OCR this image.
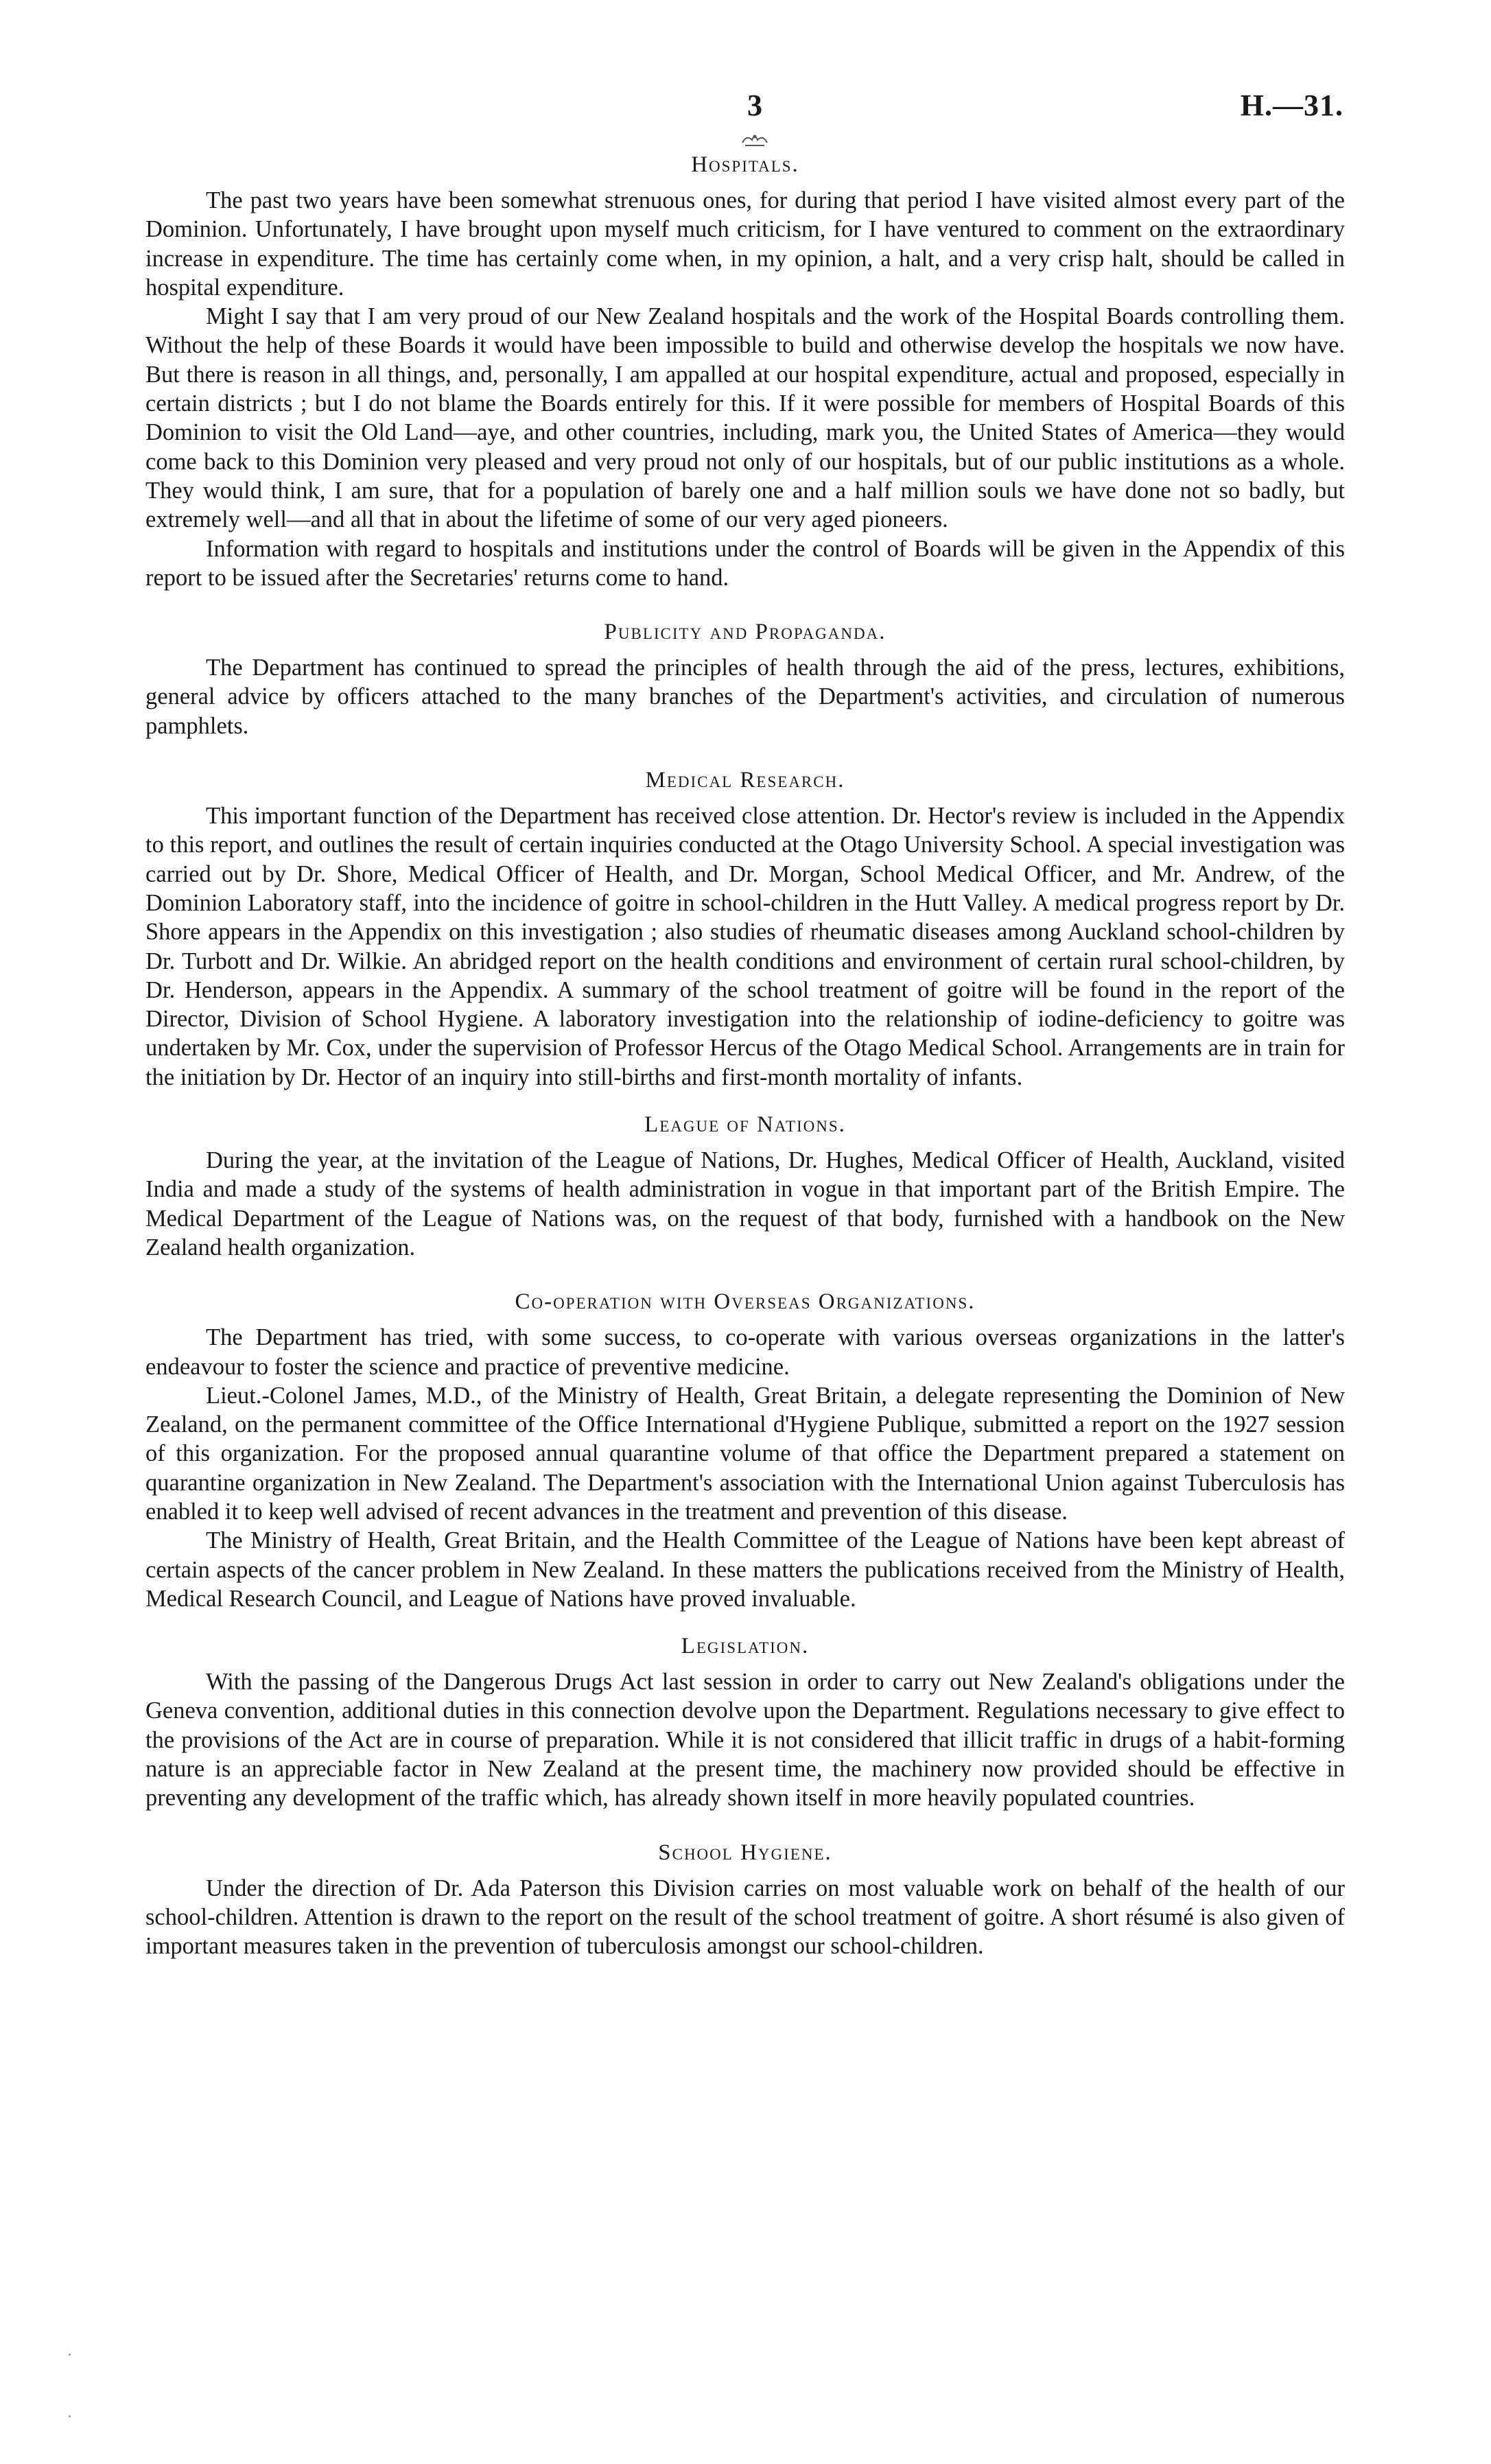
3	H.—31.
Hospitals.

The past two years have been somewhat strenuous ones, for during that period I have visited almost every part of the Dominion. Unfortunately, I have brought upon myself much criticism, for I have ventured to comment on the extraordinary increase in expenditure. The time has certainly come when, in my opinion, a halt, and a very crisp halt, should be called in hospital expenditure.

Might I say that I am very proud of our New Zealand hospitals and the work of the Hospital Boards controlling them. Without the help of these Boards it would have been impossible to build and otherwise develop the hospitals we now have. But there is reason in all things, and, personally, I am appalled at our hospital expenditure, actual and proposed, especially in certain districts ; but I do not blame the Boards entirely for this. If it were possible for members of Hospital Boards of this Dominion to visit the Old Land—aye, and other countries, including, mark you, the United States of America—they would come back to this Dominion very pleased and very proud not only of our hospitals, but of our public institutions as a whole. They would think, I am sure, that for a population of barely one and a half million souls we have done not so badly, but extremely well—and all that in about the lifetime of some of our very aged pioneers.

Information with regard to hospitals and institutions under the control of Boards will be given in the Appendix of this report to be issued after the Secretaries' returns come to hand.

Publicity and Propaganda.

The Department has continued to spread the principles of health through the aid of the press, lectures, exhibitions, general advice by officers attached to the many branches of the Department's activities, and circulation of numerous pamphlets.

Medical Research.

This important function of the Department has received close attention. Dr. Hector's review is included in the Appendix to this report, and outlines the result of certain inquiries conducted at the Otago University School. A special investigation was carried out by Dr. Shore, Medical Officer of Health, and Dr. Morgan, School Medical Officer, and Mr. Andrew, of the Dominion Laboratory staff, into the incidence of goitre in school-children in the Hutt Valley. A medical progress report by Dr. Shore appears in the Appendix on this investigation ; also studies of rheumatic diseases among Auckland school-children by Dr. Turbott and Dr. Wilkie. An abridged report on the health conditions and environment of certain rural school-children, by Dr. Henderson, appears in the Appendix. A summary of the school treatment of goitre will be found in the report of the Director, Division of School Hygiene. A laboratory investigation into the relationship of iodine-deficiency to goitre was undertaken by Mr. Cox, under the supervision of Professor Hercus of the Otago Medical School. Arrangements are in train for the initiation by Dr. Hector of an inquiry into still-births and first-month mortality of infants.

League of Nations.

During the year, at the invitation of the League of Nations, Dr. Hughes, Medical Officer of Health, Auckland, visited India and made a study of the systems of health administration in vogue in that important part of the British Empire. The Medical Department of the League of Nations was, on the request of that body, furnished with a handbook on the New Zealand health organization.

Co-operation with Overseas Organizations.

The Department has tried, with some success, to co-operate with various overseas organizations in the latter's endeavour to foster the science and practice of preventive medicine.

Lieut.-Colonel James, M.D., of the Ministry of Health, Great Britain, a delegate representing the Dominion of New Zealand, on the permanent committee of the Office International d'Hygiene Publique, submitted a report on the 1927 session of this organization. For the proposed annual quarantine volume of that office the Department prepared a statement on quarantine organization in New Zealand. The Department's association with the International Union against Tuberculosis has enabled it to keep well advised of recent advances in the treatment and prevention of this disease.

The Ministry of Health, Great Britain, and the Health Committee of the League of Nations have been kept abreast of certain aspects of the cancer problem in New Zealand. In these matters the publications received from the Ministry of Health, Medical Research Council, and League of Nations have proved invaluable.

Legislation.

With the passing of the Dangerous Drugs Act last session in order to carry out New Zealand's obligations under the Geneva convention, additional duties in this connection devolve upon the Department. Regulations necessary to give effect to the provisions of the Act are in course of preparation. While it is not considered that illicit traffic in drugs of a habit-forming nature is an appreciable factor in New Zealand at the present time, the machinery now provided should be effective in preventing any development of the traffic which, has already shown itself in more heavily populated countries.

School Hygiene.

Under the direction of Dr. Ada Paterson this Division carries on most valuable work on behalf of the health of our school-children. Attention is drawn to the report on the result of the school treatment of goitre. A short résumé is also given of important measures taken in the prevention of tuberculosis amongst our school-children.
